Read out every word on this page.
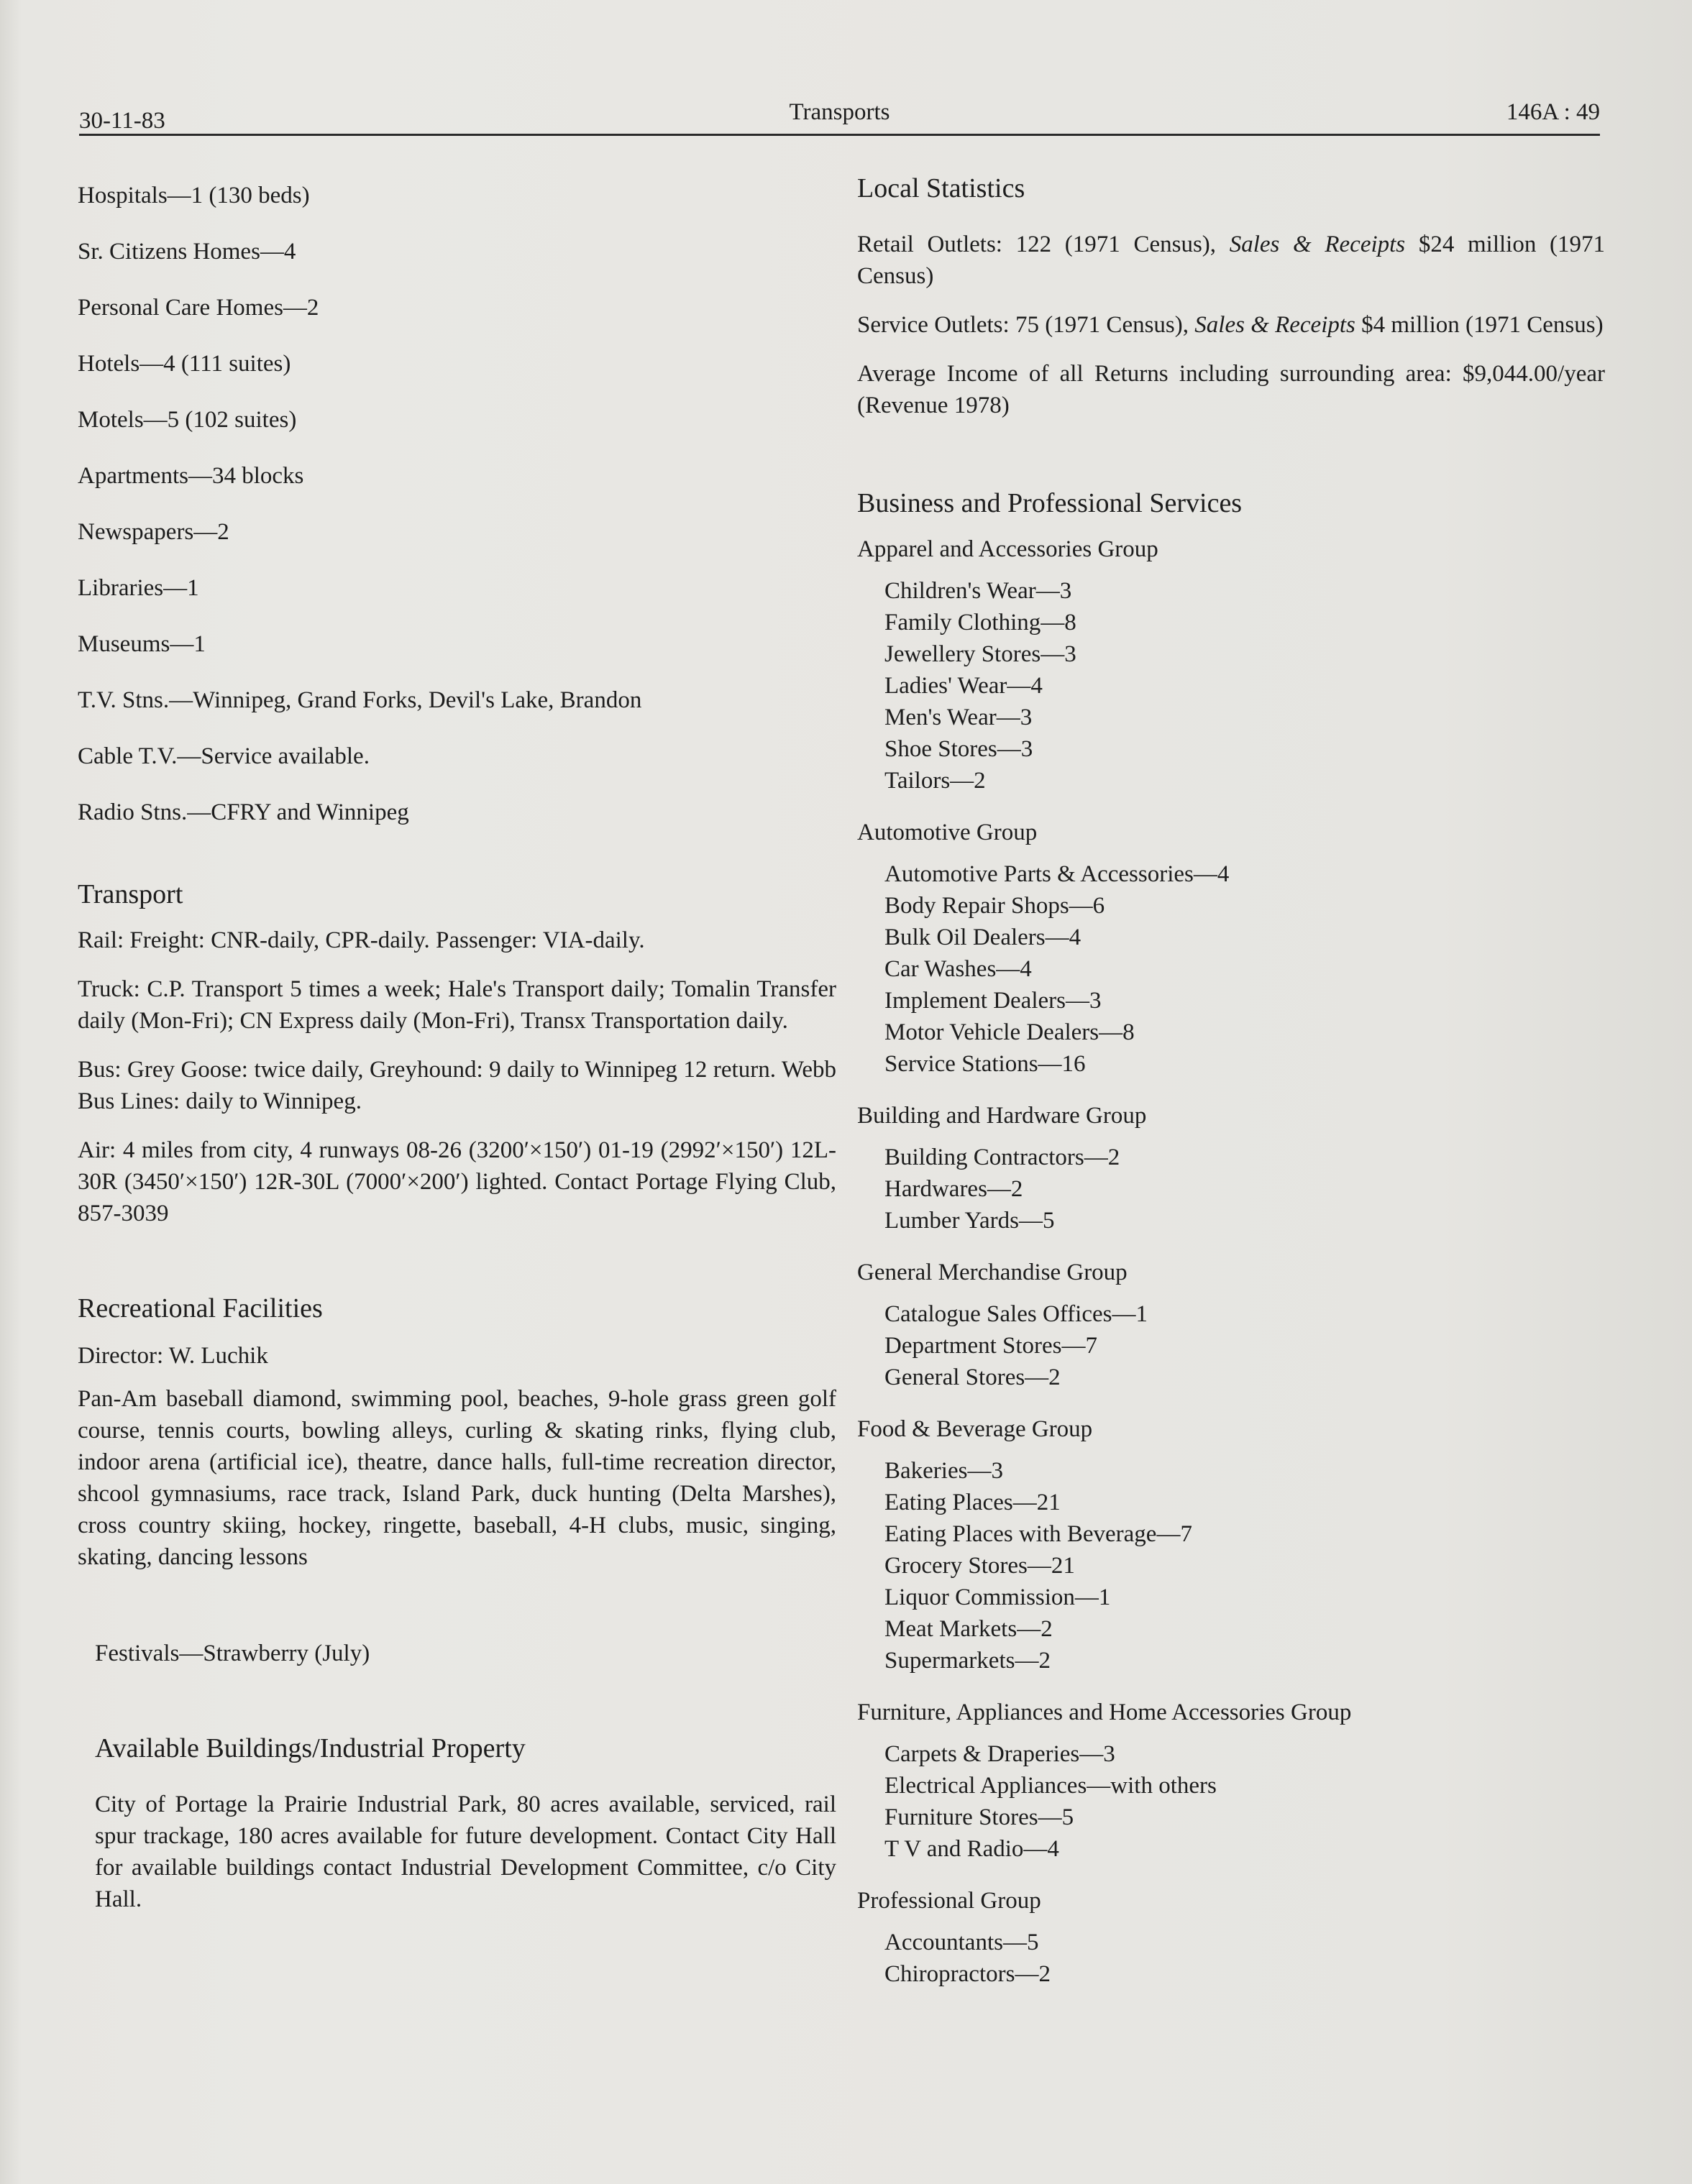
30-11-83	Transports	146A : 49

Hospitals—1 (130 beds)

Sr. Citizens Homes—4

Personal Care Homes—2

Hotels—4 (111 suites)

Motels—5 (102 suites)

Apartments—34 blocks

Newspapers—2

Libraries—1

Museums—1

T.V. Stns.—Winnipeg, Grand Forks, Devil's Lake, Brandon

Cable T.V.—Service available.

Radio Stns.—CFRY and Winnipeg

Transport

Rail: Freight: CNR-daily, CPR-daily. Passenger: VIA-daily.

Truck: C.P. Transport 5 times a week; Hale's Transport daily; Tomalin Transfer daily (Mon-Fri); CN Express daily (Mon-Fri), Transx Transportation daily.

Bus: Grey Goose: twice daily, Greyhound: 9 daily to Winnipeg 12 return. Webb Bus Lines: daily to Winnipeg.

Air: 4 miles from city, 4 runways 08-26 (3200′×150′) 01-19 (2992′×150′) 12L-30R (3450′×150′) 12R-30L (7000′×200′) lighted. Contact Portage Flying Club, 857-3039

Recreational Facilities

Director: W. Luchik

Pan-Am baseball diamond, swimming pool, beaches, 9-hole grass green golf course, tennis courts, bowling alleys, curling & skating rinks, flying club, indoor arena (artificial ice), theatre, dance halls, full-time recreation director, shcool gymnasiums, race track, Island Park, duck hunting (Delta Marshes), cross country skiing, hockey, ringette, baseball, 4-H clubs, music, singing, skating, dancing lessons

Festivals—Strawberry (July)

Available Buildings/Industrial Property

City of Portage la Prairie Industrial Park, 80 acres available, serviced, rail spur trackage, 180 acres available for future development. Contact City Hall for available buildings contact Industrial Development Committee, c/o City Hall.

Local Statistics

Retail Outlets: 122 (1971 Census), Sales & Receipts $24 million (1971 Census)

Service Outlets: 75 (1971 Census), Sales & Receipts $4 million (1971 Census)

Average Income of all Returns including surrounding area: $9,044.00/year (Revenue 1978)

Business and Professional Services

Apparel and Accessories Group
Children's Wear—3
Family Clothing—8
Jewellery Stores—3
Ladies' Wear—4
Men's Wear—3
Shoe Stores—3
Tailors—2
Automotive Group
Automotive Parts & Accessories—4
Body Repair Shops—6
Bulk Oil Dealers—4
Car Washes—4
Implement Dealers—3
Motor Vehicle Dealers—8
Service Stations—16
Building and Hardware Group
Building Contractors—2
Hardwares—2
Lumber Yards—5
General Merchandise Group
Catalogue Sales Offices—1
Department Stores—7
General Stores—2
Food & Beverage Group
Bakeries—3
Eating Places—21
Eating Places with Beverage—7
Grocery Stores—21
Liquor Commission—1
Meat Markets—2
Supermarkets—2
Furniture, Appliances and Home Accessories Group
Carpets & Draperies—3
Electrical Appliances—with others
Furniture Stores—5
T V and Radio—4
Professional Group
Accountants—5
Chiropractors—2
